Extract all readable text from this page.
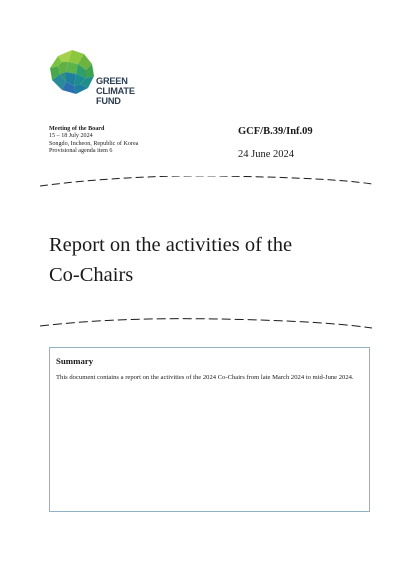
GREEN
CLIMATE
FUND
Meeting of the Board
15 – 18 July 2024
Songdo, Incheon, Republic of Korea
Provisional agenda item 6
GCF/B.39/Inf.09
24 June 2024
Report on the activities of the
Co-Chairs
Summary
This document contains a report on the activities of the 2024 Co-Chairs from late March 2024 to mid-June 2024.
